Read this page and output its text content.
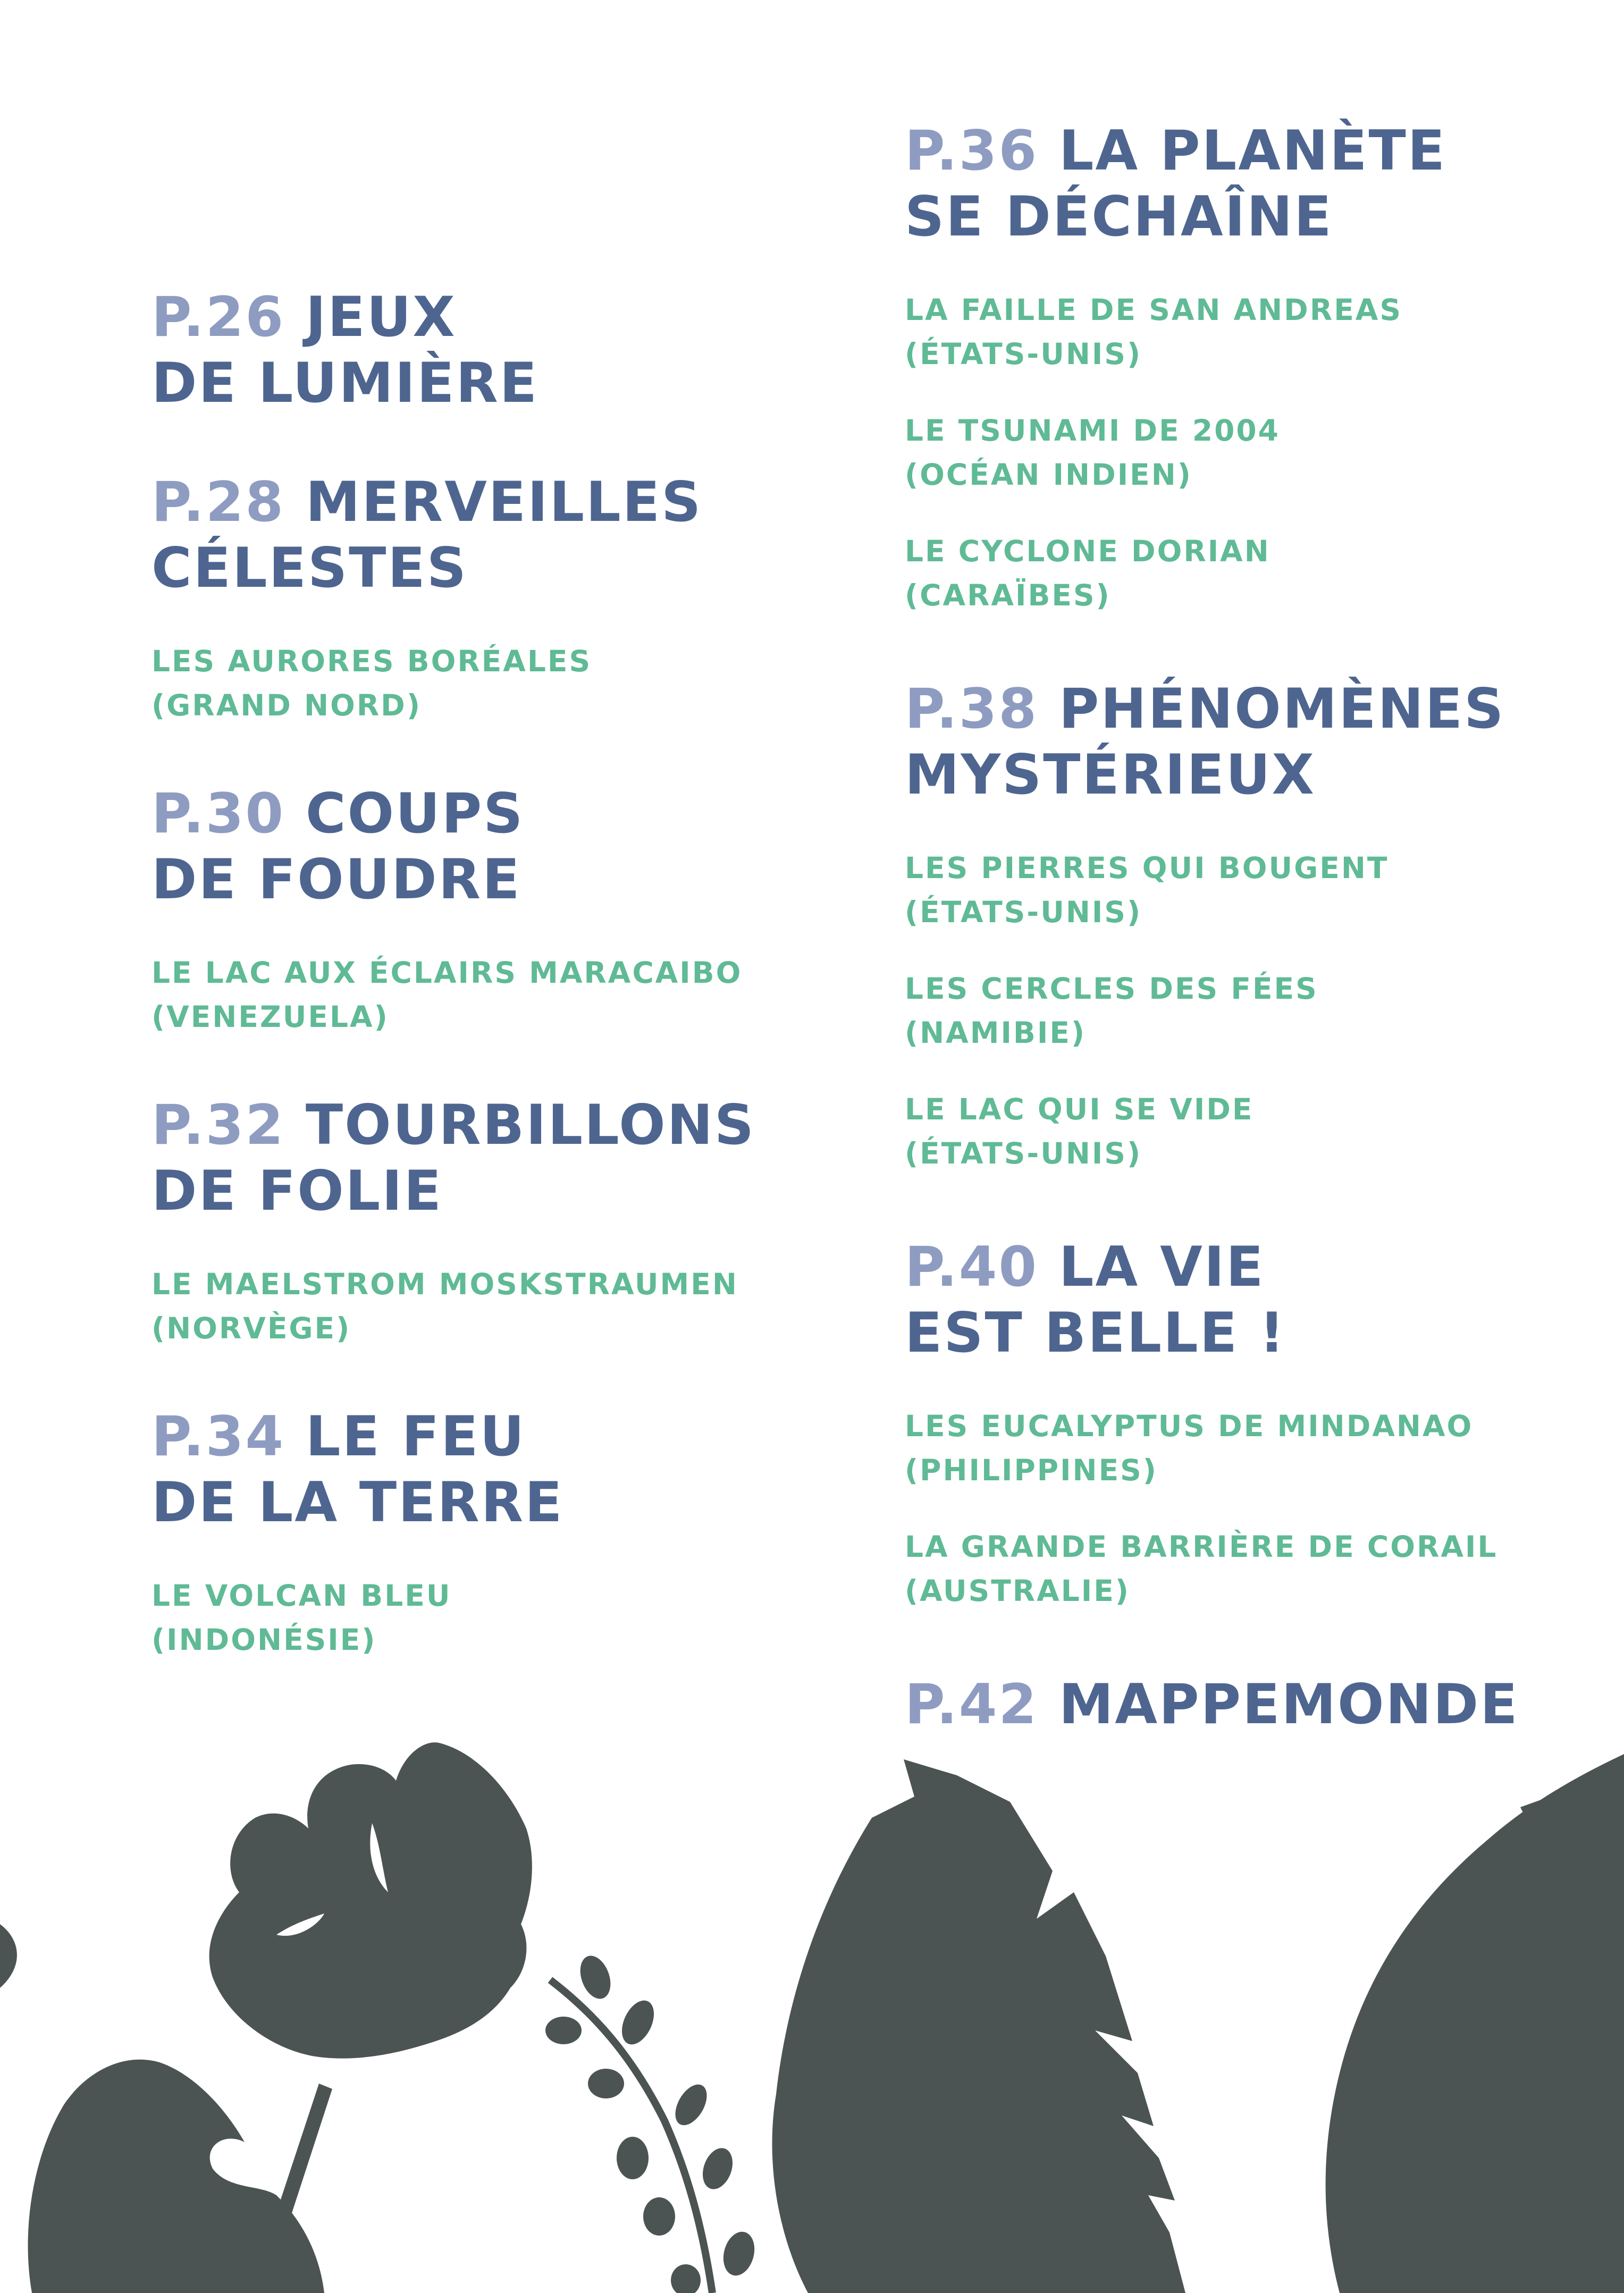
P.26 JEUX
DE LUMIÈRE
P.28 MERVEILLES
CÉLESTES
LES AURORES BORÉALES
(GRAND NORD)
P.30 COUPS
DE FOUDRE
LE LAC AUX ÉCLAIRS MARACAIBO
(VENEZUELA)
P.32 TOURBILLONS
DE FOLIE
LE MAELSTROM MOSKSTRAUMEN
(NORVÈGE)
P.34 LE FEU
DE LA TERRE
LE VOLCAN BLEU
(INDONÉSIE)
P.36 LA PLANÈTE
SE DÉCHAÎNE
LA FAILLE DE SAN ANDREAS
(ÉTATS-UNIS)
LE TSUNAMI DE 2004
(OCÉAN INDIEN)
LE CYCLONE DORIAN
(CARAÏBES)
P.38 PHÉNOMÈNES
MYSTÉRIEUX
LES PIERRES QUI BOUGENT
(ÉTATS-UNIS)
LES CERCLES DES FÉES
(NAMIBIE)
LE LAC QUI SE VIDE
(ÉTATS-UNIS)
P.40 LA VIE
EST BELLE !
LES EUCALYPTUS DE MINDANAO
(PHILIPPINES)
LA GRANDE BARRIÈRE DE CORAIL
(AUSTRALIE)
P.42 MAPPEMONDE
